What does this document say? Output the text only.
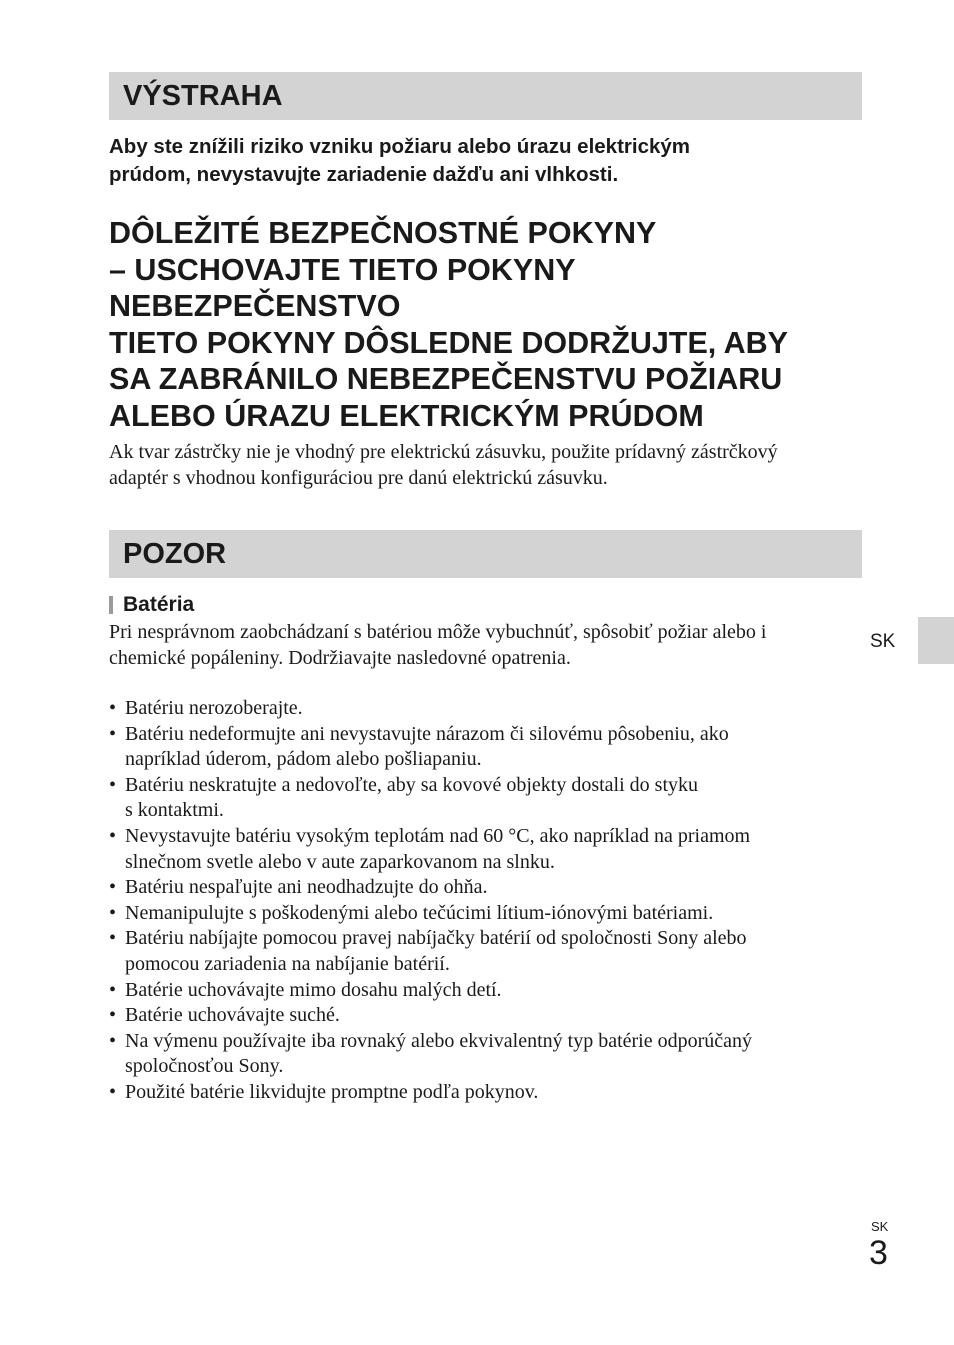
VÝSTRAHA
Aby ste znížili riziko vzniku požiaru alebo úrazu elektrickým
prúdom, nevystavujte zariadenie dažďu ani vlhkosti.
DÔLEŽITÉ BEZPEČNOSTNÉ POKYNY
– USCHOVAJTE TIETO POKYNY
NEBEZPEČENSTVO
TIETO POKYNY DÔSLEDNE DODRŽUJTE, ABY
SA ZABRÁNILO NEBEZPEČENSTVU POŽIARU
ALEBO ÚRAZU ELEKTRICKÝM PRÚDOM
Ak tvar zástrčky nie je vhodný pre elektrickú zásuvku, použite prídavný zástrčkový
adaptér s vhodnou konfiguráciou pre danú elektrickú zásuvku.
POZOR
Batéria
Pri nesprávnom zaobchádzaní s batériou môže vybuchnúť, spôsobiť požiar alebo i
chemické popáleniny. Dodržiavajte nasledovné opatrenia.
• Batériu nerozoberajte.
• Batériu nedeformujte ani nevystavujte nárazom či silovému pôsobeniu, ako
napríklad úderom, pádom alebo pošliapaniu.
• Batériu neskratujte a nedovoľte, aby sa kovové objekty dostali do styku
s kontaktmi.
• Nevystavujte batériu vysokým teplotám nad 60 °C, ako napríklad na priamom
slnečnom svetle alebo v aute zaparkovanom na slnku.
• Batériu nespaľujte ani neodhadzujte do ohňa.
• Nemanipulujte s poškodenými alebo tečúcimi lítium-iónovými batériami.
• Batériu nabíjajte pomocou pravej nabíjačky batérií od spoločnosti Sony alebo
pomocou zariadenia na nabíjanie batérií.
• Batérie uchovávajte mimo dosahu malých detí.
• Batérie uchovávajte suché.
• Na výmenu používajte iba rovnaký alebo ekvivalentný typ batérie odporúčaný
spoločnosťou Sony.
• Použité batérie likvidujte promptne podľa pokynov.
SK
SK
3
